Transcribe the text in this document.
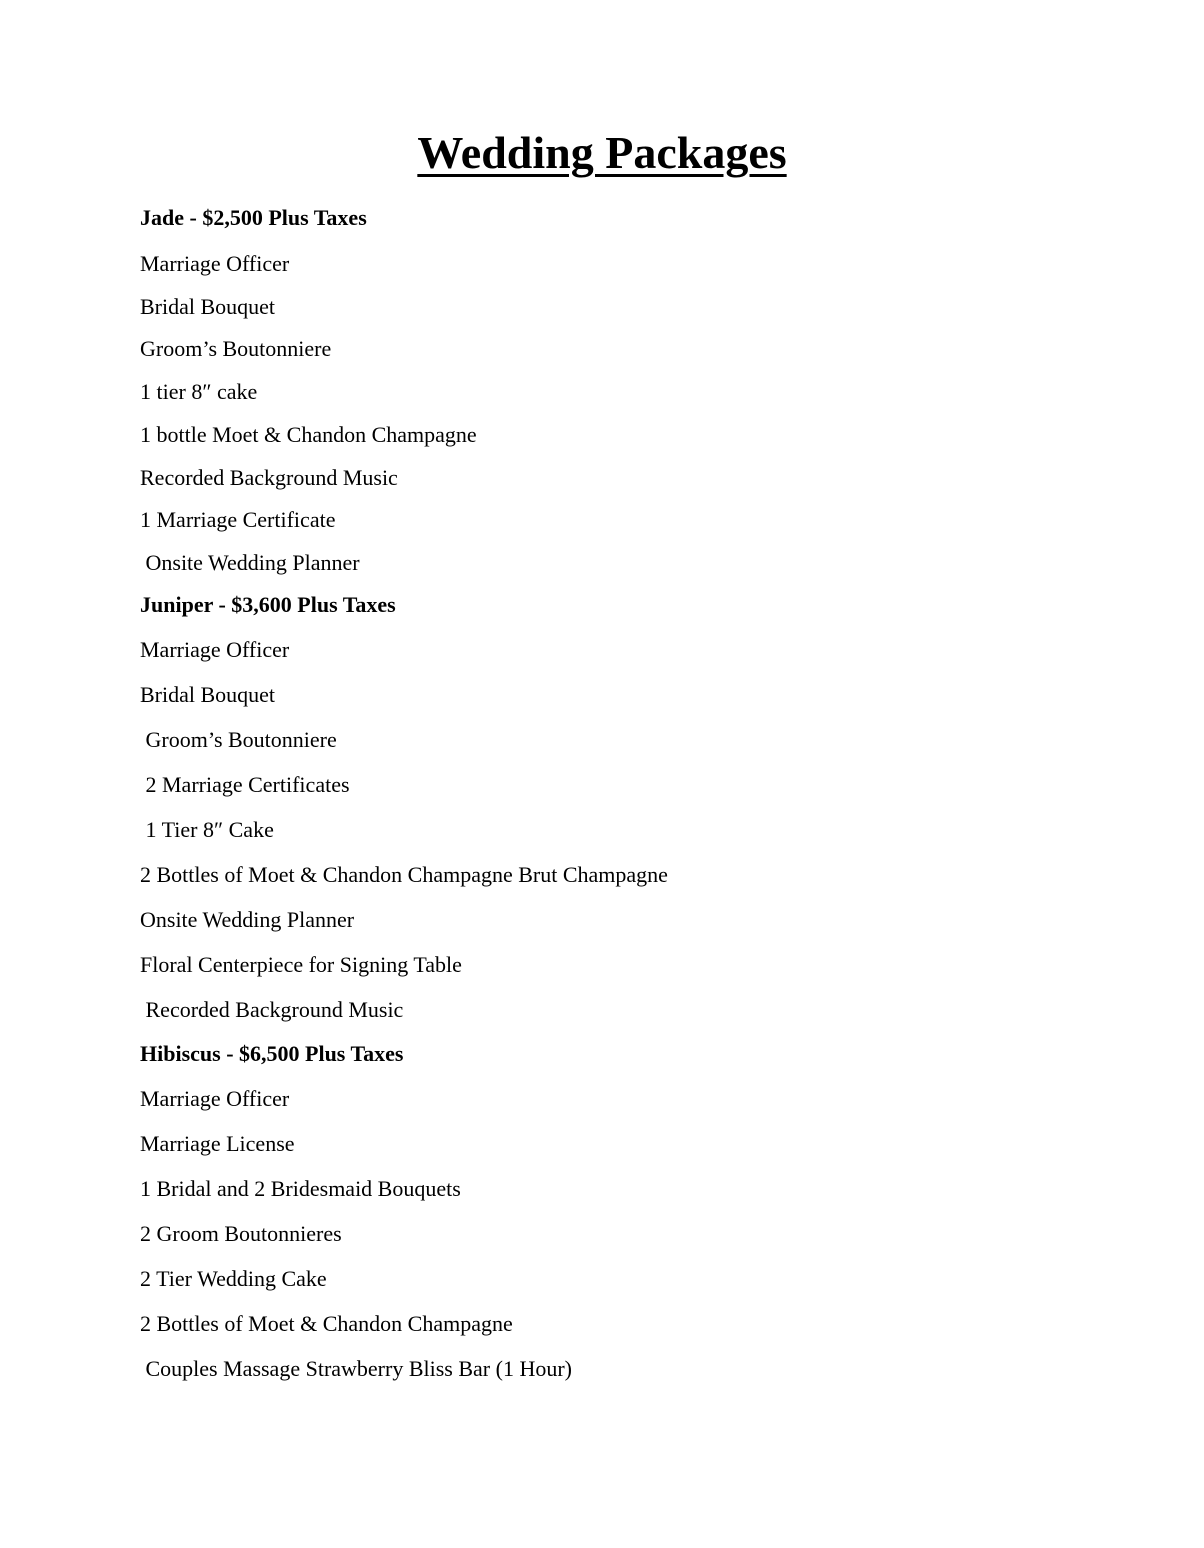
Wedding Packages
Jade - $2,500 Plus Taxes
Marriage Officer
Bridal Bouquet
Groom’s Boutonniere
1 tier 8″ cake
1 bottle Moet & Chandon Champagne
Recorded Background Music
1 Marriage Certificate
Onsite Wedding Planner
Juniper - $3,600 Plus Taxes
Marriage Officer
Bridal Bouquet
Groom’s Boutonniere
2 Marriage Certificates
1 Tier 8″ Cake
2 Bottles of Moet & Chandon Champagne Brut Champagne
Onsite Wedding Planner
Floral Centerpiece for Signing Table
Recorded Background Music
Hibiscus - $6,500 Plus Taxes
Marriage Officer
Marriage License
1 Bridal and 2 Bridesmaid Bouquets
2 Groom Boutonnieres
2 Tier Wedding Cake
2 Bottles of Moet & Chandon Champagne
Couples Massage Strawberry Bliss Bar (1 Hour)
